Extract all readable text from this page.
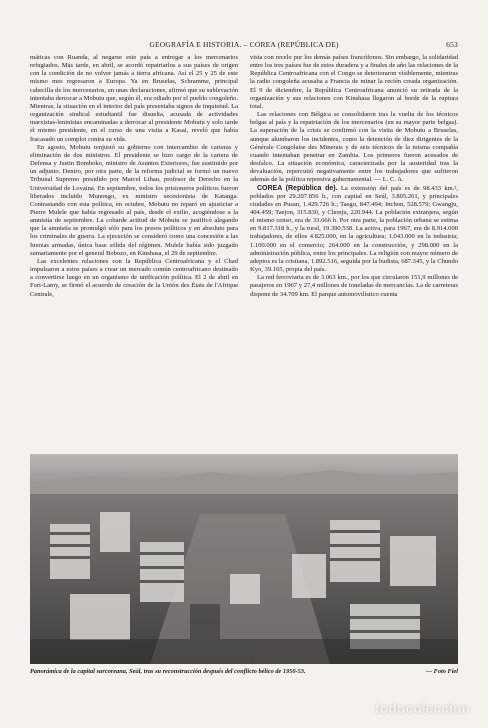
GEOGRAFÍA E HISTORIA. – COREA (REPÚBLICA DE)	653

máticas con Ruanda, al negarse este país a entregar a los mercenarios refugiados. Más tarde, en abril, se acordó repatriarlos a sus países de origen con la condición de no volver jamás a tierra africana. Así el 25 y 25 de este mismo mes regresaron a Europa. Ya en Bruselas, Schramme, principal cabecilla de los mercenarios, en unas declaraciones, afirmó que su sublevación intentaba derrocar a Mobutu que, según él, era odiado por el pueblo congoleño. Mientras, la situación en el interior del país presentaba signos de inquietud. La organización sindical estudiantil fue disuelta, acusada de actividades marxistas-leninistas encaminadas a derrocar al presidente Mobutu y solo tarde el mismo presidente, en el curso de una visita a Kasai, reveló que había fracasado un complot contra su vida.

En agosto, Mobutu renjustó su gobierno con intercambio de carteras y eliminación de dos ministros. El presidente se hizo cargo de la cartera de Defensa y Justin Bomboko, ministro de Asuntos Exteriores, fue sustituido por un adjunto. Dentro, por otra parte, de la reforma judicial se formó un nuevo Tribunal Supremo presidido por Marcel Lihau, profesor de Derecho en la Universidad de Lovaina. En septiembre, todos los prisioneros políticos fueron liberados incluido Munongo, ex ministro secesionista de Katanga. Contrastando con esta política, en octubre, Mobutu no reparó en ajusticiar a Pierre Mulele que había regresado al país, desde el exilio, acogiéndose a la amnistía de septiembre. La cobarde actitud de Mobutu se justificó alegando que la amnistía se promulgó sólo para los presos políticos y en absoluto para los criminales de guerra. La ejecución se consideró como una concesión a las fuerzas armadas, única base sólida del régimen. Mulele había sido juzgado sumariamente por el general Bobozo, en Kinshasa, el 29 de septiembre.

Las excelentes relaciones con la República Centroafricana y el Chad impulsaron a estos países a crear un mercado común centroafricano destinado a convertirse luego en un organismo de unificación política. El 2 de abril en Fort-Lamy, se firmó el acuerdo de creación de la Unión des États de l'Afrique Centrale,

vista con recelo por los demás países francófonos. Sin embargo, la solidaridad entre los tres países fue de estos duradera y a finales de año las relaciones de la República Centroafricana con el Congo se deterioraron visiblemente, mientras la radio congoleña acusaba a Francia de minar la recién creada organización. El 9 de diciembre, la República Centroafricana anunció su retirada de la organización y sus relaciones con Kinshasa llegaron al borde de la ruptura total.

Las relaciones con Bélgica se consolidaron tras la vuelta de los técnicos belgas al país y la repatriación de los mercenarios (en su mayor parte belgas). La superación de la crisis se confirmó con la visita de Mobutu a Bruselas, aunque alumbaron los incidentes, como la detención de diez dirigentes de la Générale Congolaise des Minerais y de seis técnicos de la misma compañía cuando intentaban penetrar en Zambia. Los primeros fueron acusados de desfalco. La situación económica, caracterizada por la austeridad tras la devaluación, repercutió negativamente entre los trabajadores que sufrieron además de la política represiva gubernamental. — L. C. A.

COREA (República de). La extensión del país es de 98.433 km.², poblados por 29.207.856 h., con capital en Seúl, 3.805.261, y principales ciudades en Pusan, 1.429.726 h.; Taegu, 847.494; Inchon, 528.579; Gwangju, 404.459; Taejon, 315.830, y Chonju, 220.944. La población extranjera, según el mismo censo, era de 33.666 h. Por otra parte, la población urbana se estima en 9.817.318 h., y la rural, 19.390.538. La activa, para 1967, era de 8.914.000 trabajadores, de ellos 4.825.000, en la agricultura; 1.043.000 en la industria; 1.100.000 en el comercio; 264.000 en la construcción, y 298.000 en la administración pública, entre los principales. La religión con mayor número de adeptos es la cristiana, 1.892.516, seguida por la budista, 687.345, y la Chundo Kyo, 39.165, propia del país.

La red ferroviaria es de 3.063 km., por los que circularon 151,9 millones de pasajeros en 1967 y 27,4 millones de toneladas de mercancías. La de carreteras dispone de 34.709 km. El parque automovilístico cuenta

Panorámica de la capital surcoreana, Seúl, tras su reconstrucción después del conflicto bélico de 1950-53.	— Foto Fiel
todocoleccion
